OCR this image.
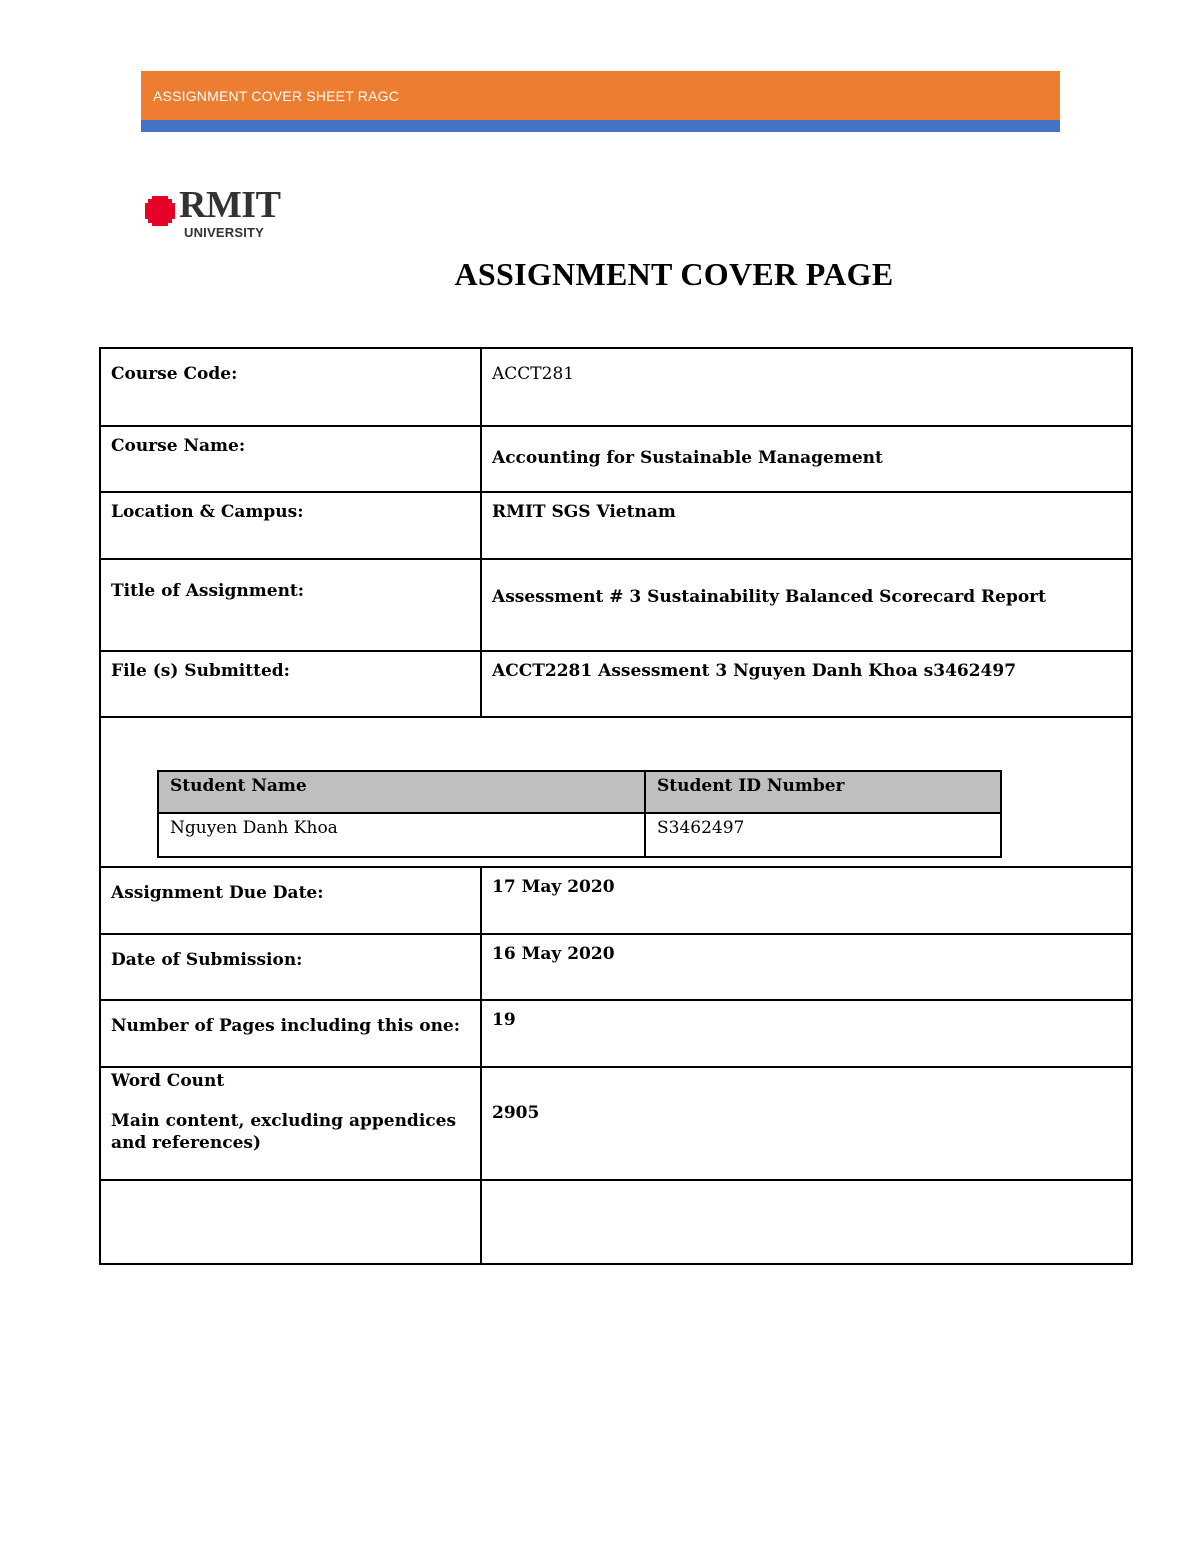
ASSIGNMENT COVER SHEET RAGC
RMIT
UNIVERSITY
ASSIGNMENT COVER PAGE
Course Code:	ACCT281
Course Name:	Accounting for Sustainable Management
Location & Campus:	RMIT SGS Vietnam
Title of Assignment:	Assessment # 3 Sustainability Balanced Scorecard Report
File (s) Submitted:	ACCT2281 Assessment 3 Nguyen Danh Khoa s3462497

Student Name	Student ID Number
Nguyen Danh Khoa	S3462497

Assignment Due Date:	17 May 2020
Date of Submission:	16 May 2020
Number of Pages including this one:	19

Word Count
Main content, excluding appendices and references)
	2905
